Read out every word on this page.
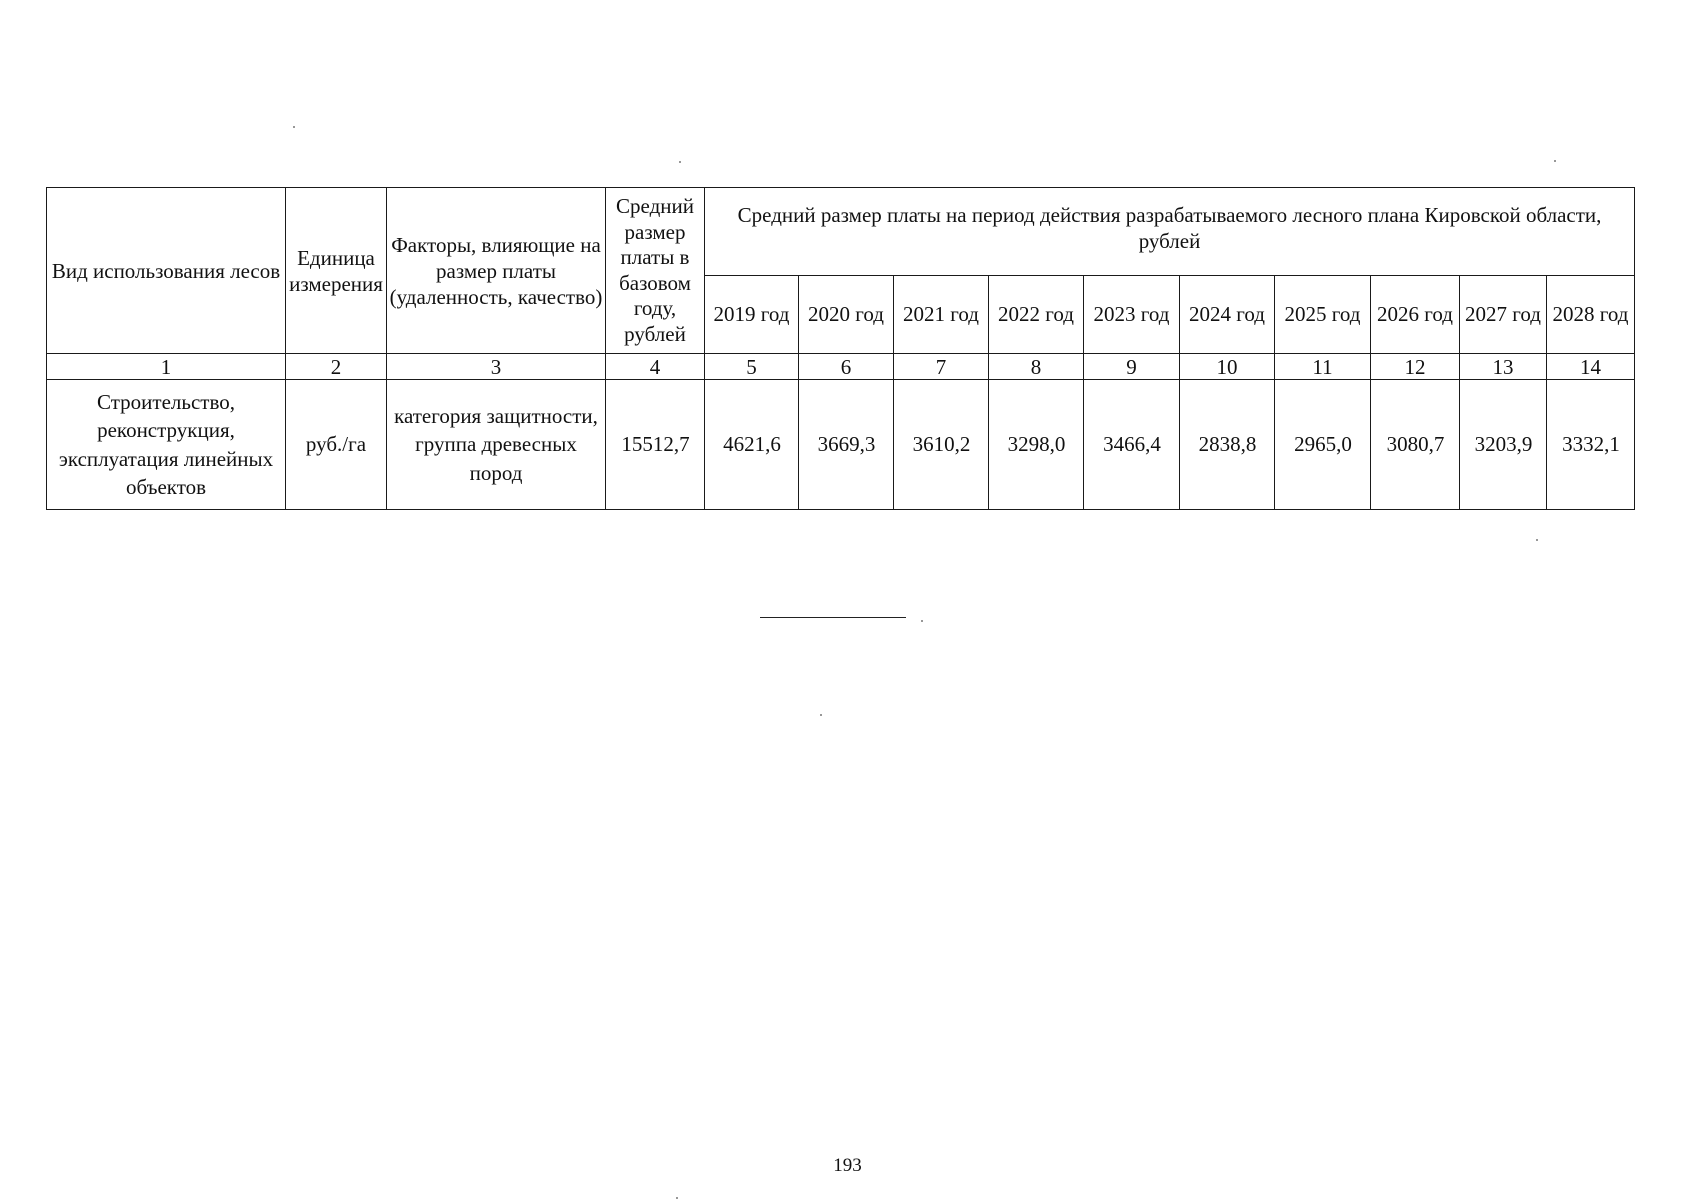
Вид использования лесов	Единица измерения	Факторы, влияющие на размер платы (удаленность, качество)	Средний размер платы в базовом году, рублей	Средний размер платы на период действия разрабатываемого лесного плана Кировской области, рублей									
				2019 год	2020 год	2021 год	2022 год	2023 год	2024 год	2025 год	2026 год	2027 год	2028 год
1	2	3	4	5	6	7	8	9	10	11	12	13	14
Строительство, реконструкция, эксплуатация линейных объектов	руб./га	категория защитности, группа древесных пород	15512,7	4621,6	3669,3	3610,2	3298,0	3466,4	2838,8	2965,0	3080,7	3203,9	3332,1
193
